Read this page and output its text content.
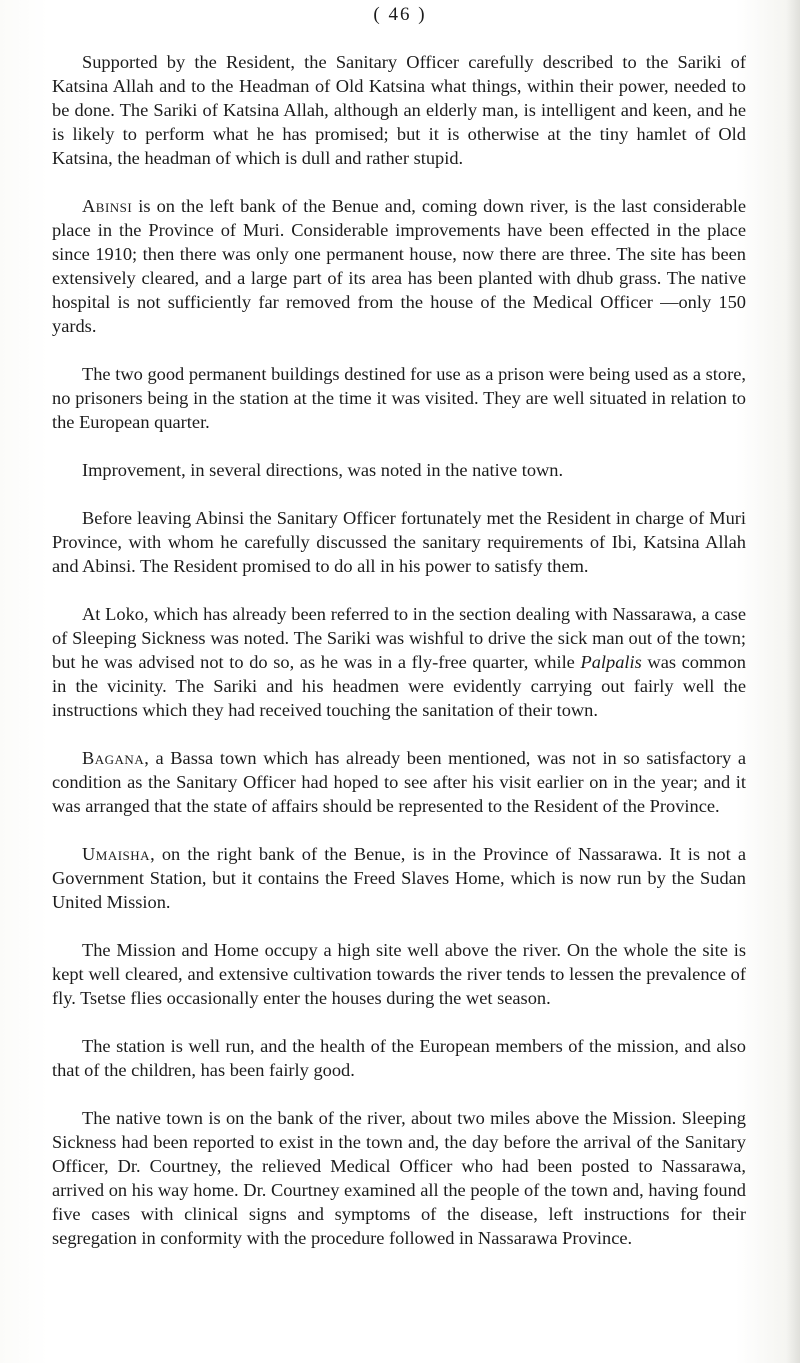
( 46 )

Supported by the Resident, the Sanitary Officer carefully described to the Sariki of Katsina Allah and to the Headman of Old Katsina what things, within their power, needed to be done. The Sariki of Katsina Allah, although an elderly man, is intelligent and keen, and he is likely to perform what he has promised; but it is otherwise at the tiny hamlet of Old Katsina, the headman of which is dull and rather stupid.

Abinsi is on the left bank of the Benue and, coming down river, is the last considerable place in the Province of Muri. Considerable improvements have been effected in the place since 1910; then there was only one permanent house, now there are three. The site has been extensively cleared, and a large part of its area has been planted with dhub grass. The native hospital is not sufficiently far removed from the house of the Medical Officer —only 150 yards.

The two good permanent buildings destined for use as a prison were being used as a store, no prisoners being in the station at the time it was visited. They are well situated in relation to the European quarter.

Improvement, in several directions, was noted in the native town.

Before leaving Abinsi the Sanitary Officer fortunately met the Resident in charge of Muri Province, with whom he carefully discussed the sanitary requirements of Ibi, Katsina Allah and Abinsi. The Resident promised to do all in his power to satisfy them.

At Loko, which has already been referred to in the section dealing with Nassarawa, a case of Sleeping Sickness was noted. The Sariki was wishful to drive the sick man out of the town; but he was advised not to do so, as he was in a fly-free quarter, while Palpalis was common in the vicinity. The Sariki and his headmen were evidently carrying out fairly well the instructions which they had received touching the sanitation of their town.

Bagana, a Bassa town which has already been mentioned, was not in so satisfactory a condition as the Sanitary Officer had hoped to see after his visit earlier on in the year; and it was arranged that the state of affairs should be represented to the Resident of the Province.

Umaisha, on the right bank of the Benue, is in the Province of Nassarawa. It is not a Government Station, but it contains the Freed Slaves Home, which is now run by the Sudan United Mission.

The Mission and Home occupy a high site well above the river. On the whole the site is kept well cleared, and extensive cultivation towards the river tends to lessen the prevalence of fly. Tsetse flies occasionally enter the houses during the wet season.

The station is well run, and the health of the European members of the mission, and also that of the children, has been fairly good.

The native town is on the bank of the river, about two miles above the Mission. Sleeping Sickness had been reported to exist in the town and, the day before the arrival of the Sanitary Officer, Dr. Courtney, the relieved Medical Officer who had been posted to Nassarawa, arrived on his way home. Dr. Courtney examined all the people of the town and, having found five cases with clinical signs and symptoms of the disease, left instructions for their segregation in conformity with the procedure followed in Nassarawa Province.
